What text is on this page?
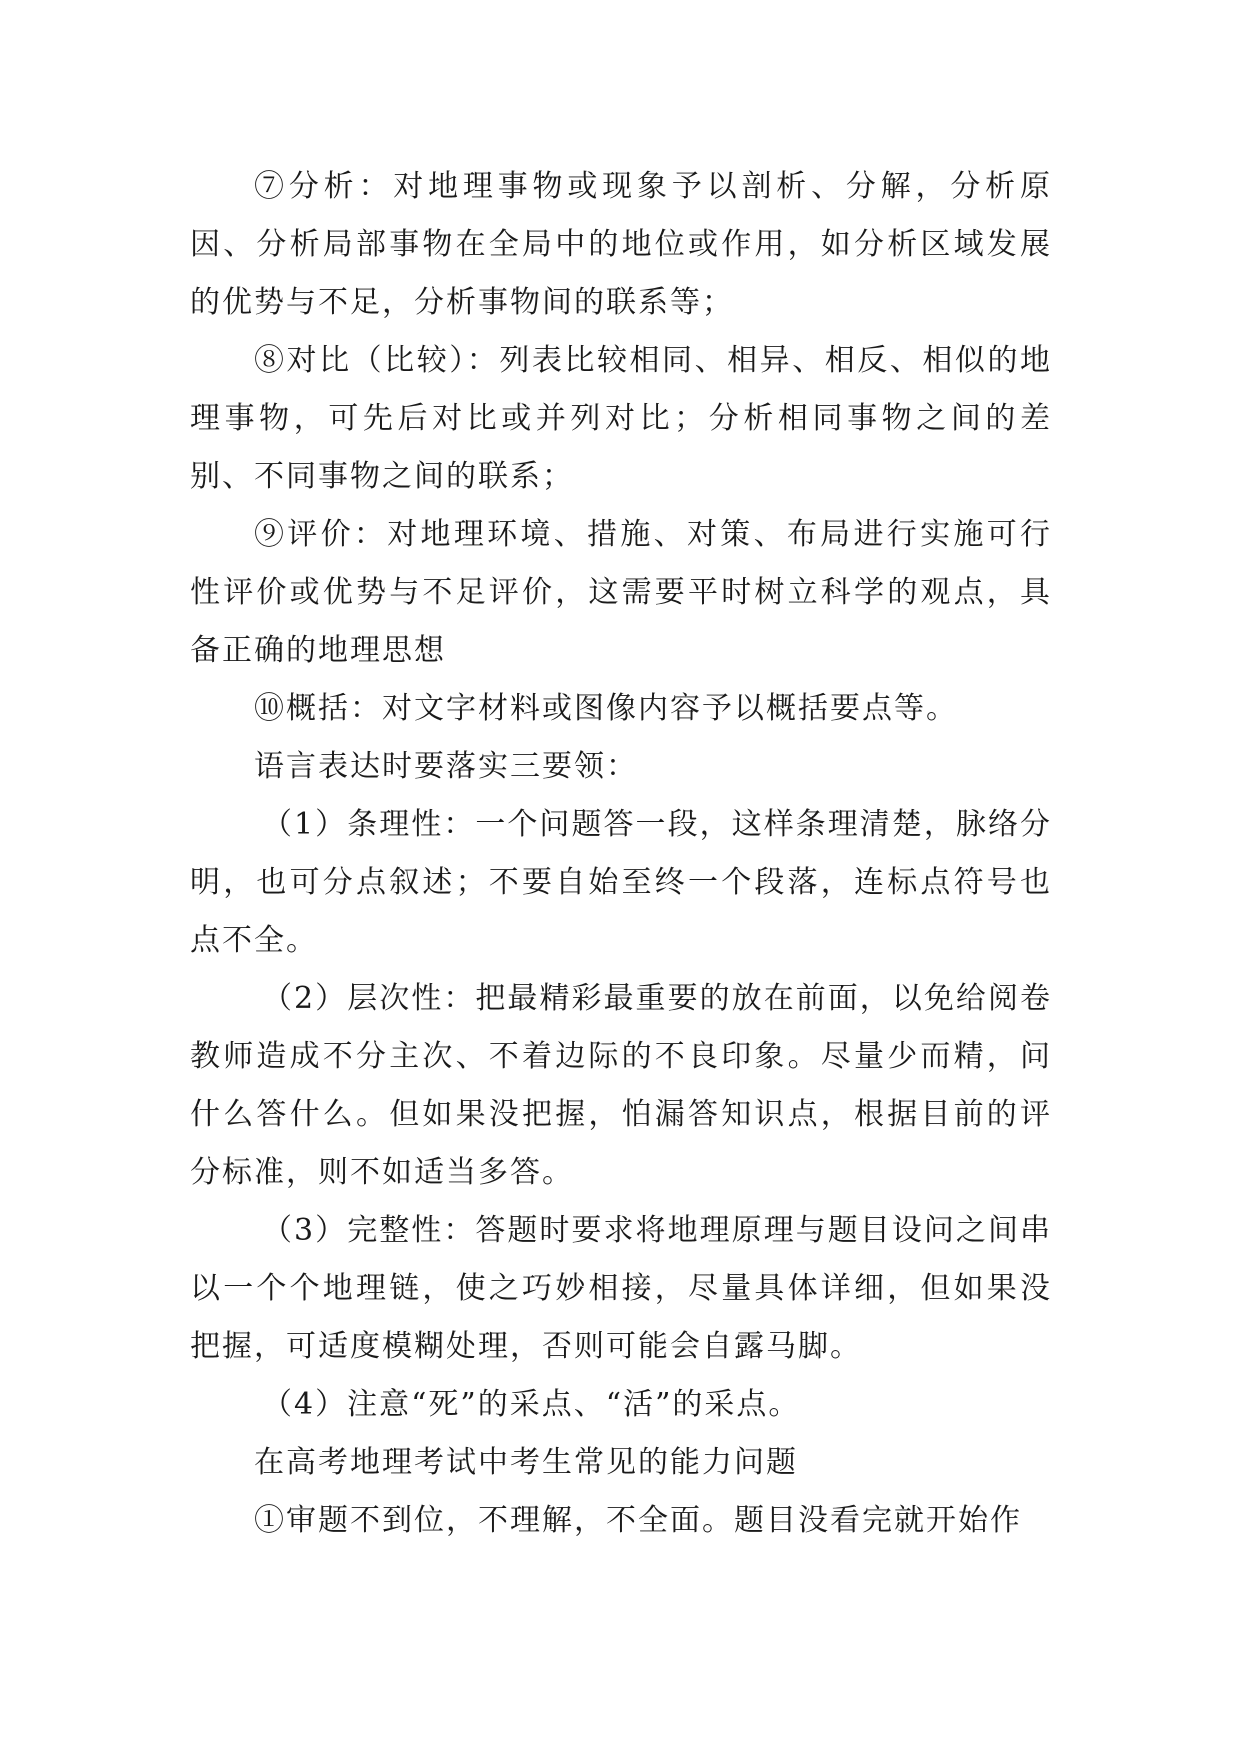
⑦分析：对地理事物或现象予以剖析、分解，分析原因、分析局部事物在全局中的地位或作用，如分析区域发展的优势与不足，分析事物间的联系等；

⑧对比（比较）：列表比较相同、相异、相反、相似的地理事物，可先后对比或并列对比；分析相同事物之间的差别、不同事物之间的联系；

⑨评价：对地理环境、措施、对策、布局进行实施可行性评价或优势与不足评价，这需要平时树立科学的观点，具备正确的地理思想

⑩概括：对文字材料或图像内容予以概括要点等。

语言表达时要落实三要领：

（1）条理性：一个问题答一段，这样条理清楚，脉络分明，也可分点叙述；不要自始至终一个段落，连标点符号也点不全。

（2）层次性：把最精彩最重要的放在前面，以免给阅卷教师造成不分主次、不着边际的不良印象。尽量少而精，问什么答什么。但如果没把握，怕漏答知识点，根据目前的评分标准，则不如适当多答。

（3）完整性：答题时要求将地理原理与题目设问之间串以一个个地理链，使之巧妙相接，尽量具体详细，但如果没把握，可适度模糊处理，否则可能会自露马脚。

（4）注意“死”的采点、“活”的采点。

在高考地理考试中考生常见的能力问题

①审题不到位，不理解，不全面。题目没看完就开始作
